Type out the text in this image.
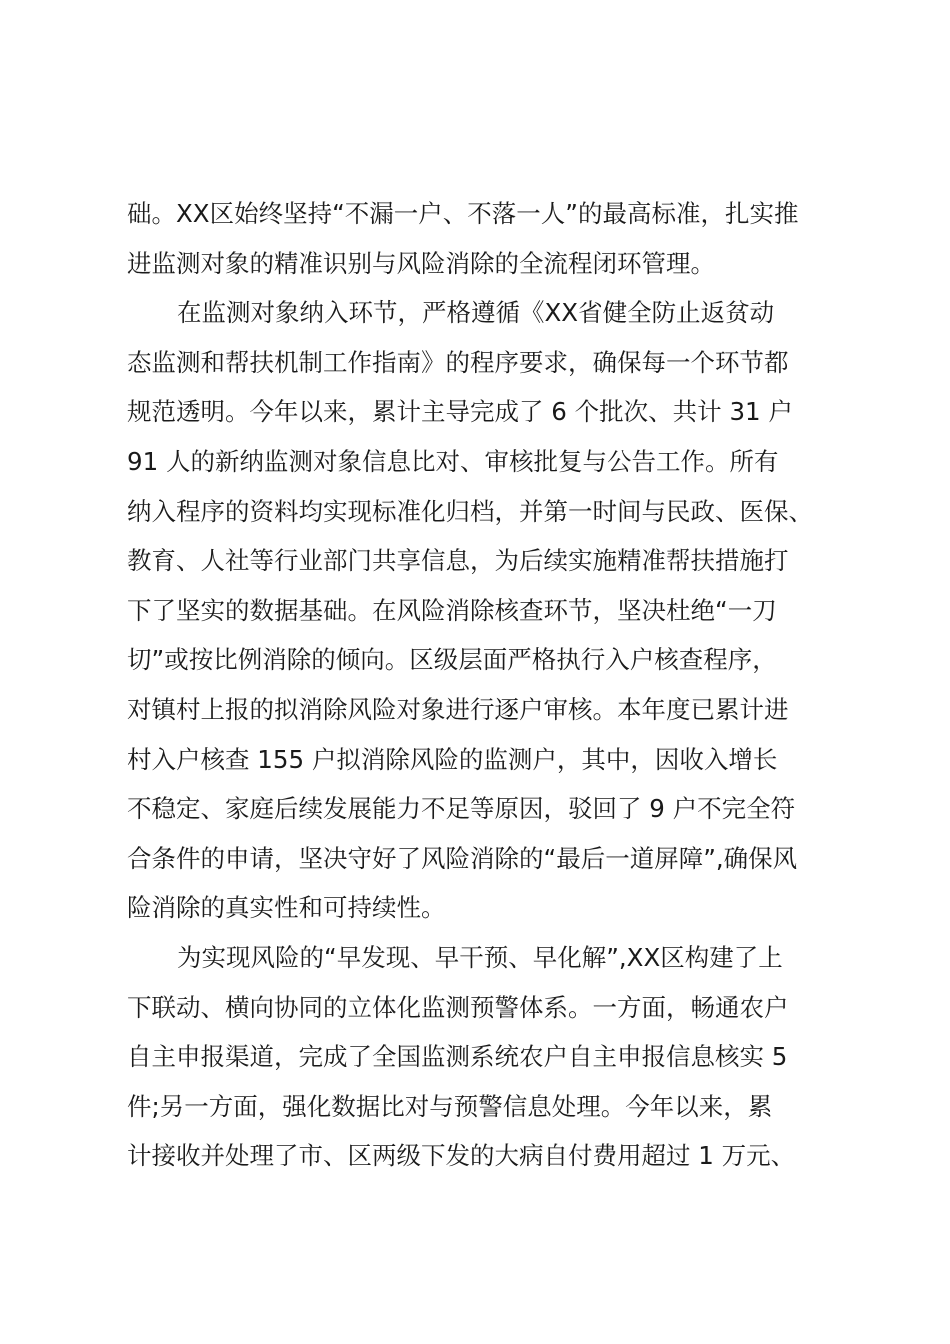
础。XX区始终坚持“不漏一户、不落一人”的最高标准，扎实推
进监测对象的精准识别与风险消除的全流程闭环管理。
在监测对象纳入环节，严格遵循《XX省健全防止返贫动
态监测和帮扶机制工作指南》的程序要求，确保每一个环节都
规范透明。今年以来，累计主导完成了 6 个批次、共计 31 户
91 人的新纳监测对象信息比对、审核批复与公告工作。所有
纳入程序的资料均实现标准化归档，并第一时间与民政、医保、
教育、人社等行业部门共享信息，为后续实施精准帮扶措施打
下了坚实的数据基础。在风险消除核查环节，坚决杜绝“一刀
切”或按比例消除的倾向。区级层面严格执行入户核查程序，
对镇村上报的拟消除风险对象进行逐户审核。本年度已累计进
村入户核查 155 户拟消除风险的监测户，其中，因收入增长
不稳定、家庭后续发展能力不足等原因，驳回了 9 户不完全符
合条件的申请，坚决守好了风险消除的“最后一道屏障”,确保风
险消除的真实性和可持续性。
为实现风险的“早发现、早干预、早化解”,XX区构建了上
下联动、横向协同的立体化监测预警体系。一方面，畅通农户
自主申报渠道，完成了全国监测系统农户自主申报信息核实 5
件;另一方面，强化数据比对与预警信息处理。今年以来，累
计接收并处理了市、区两级下发的大病自付费用超过 1 万元、
